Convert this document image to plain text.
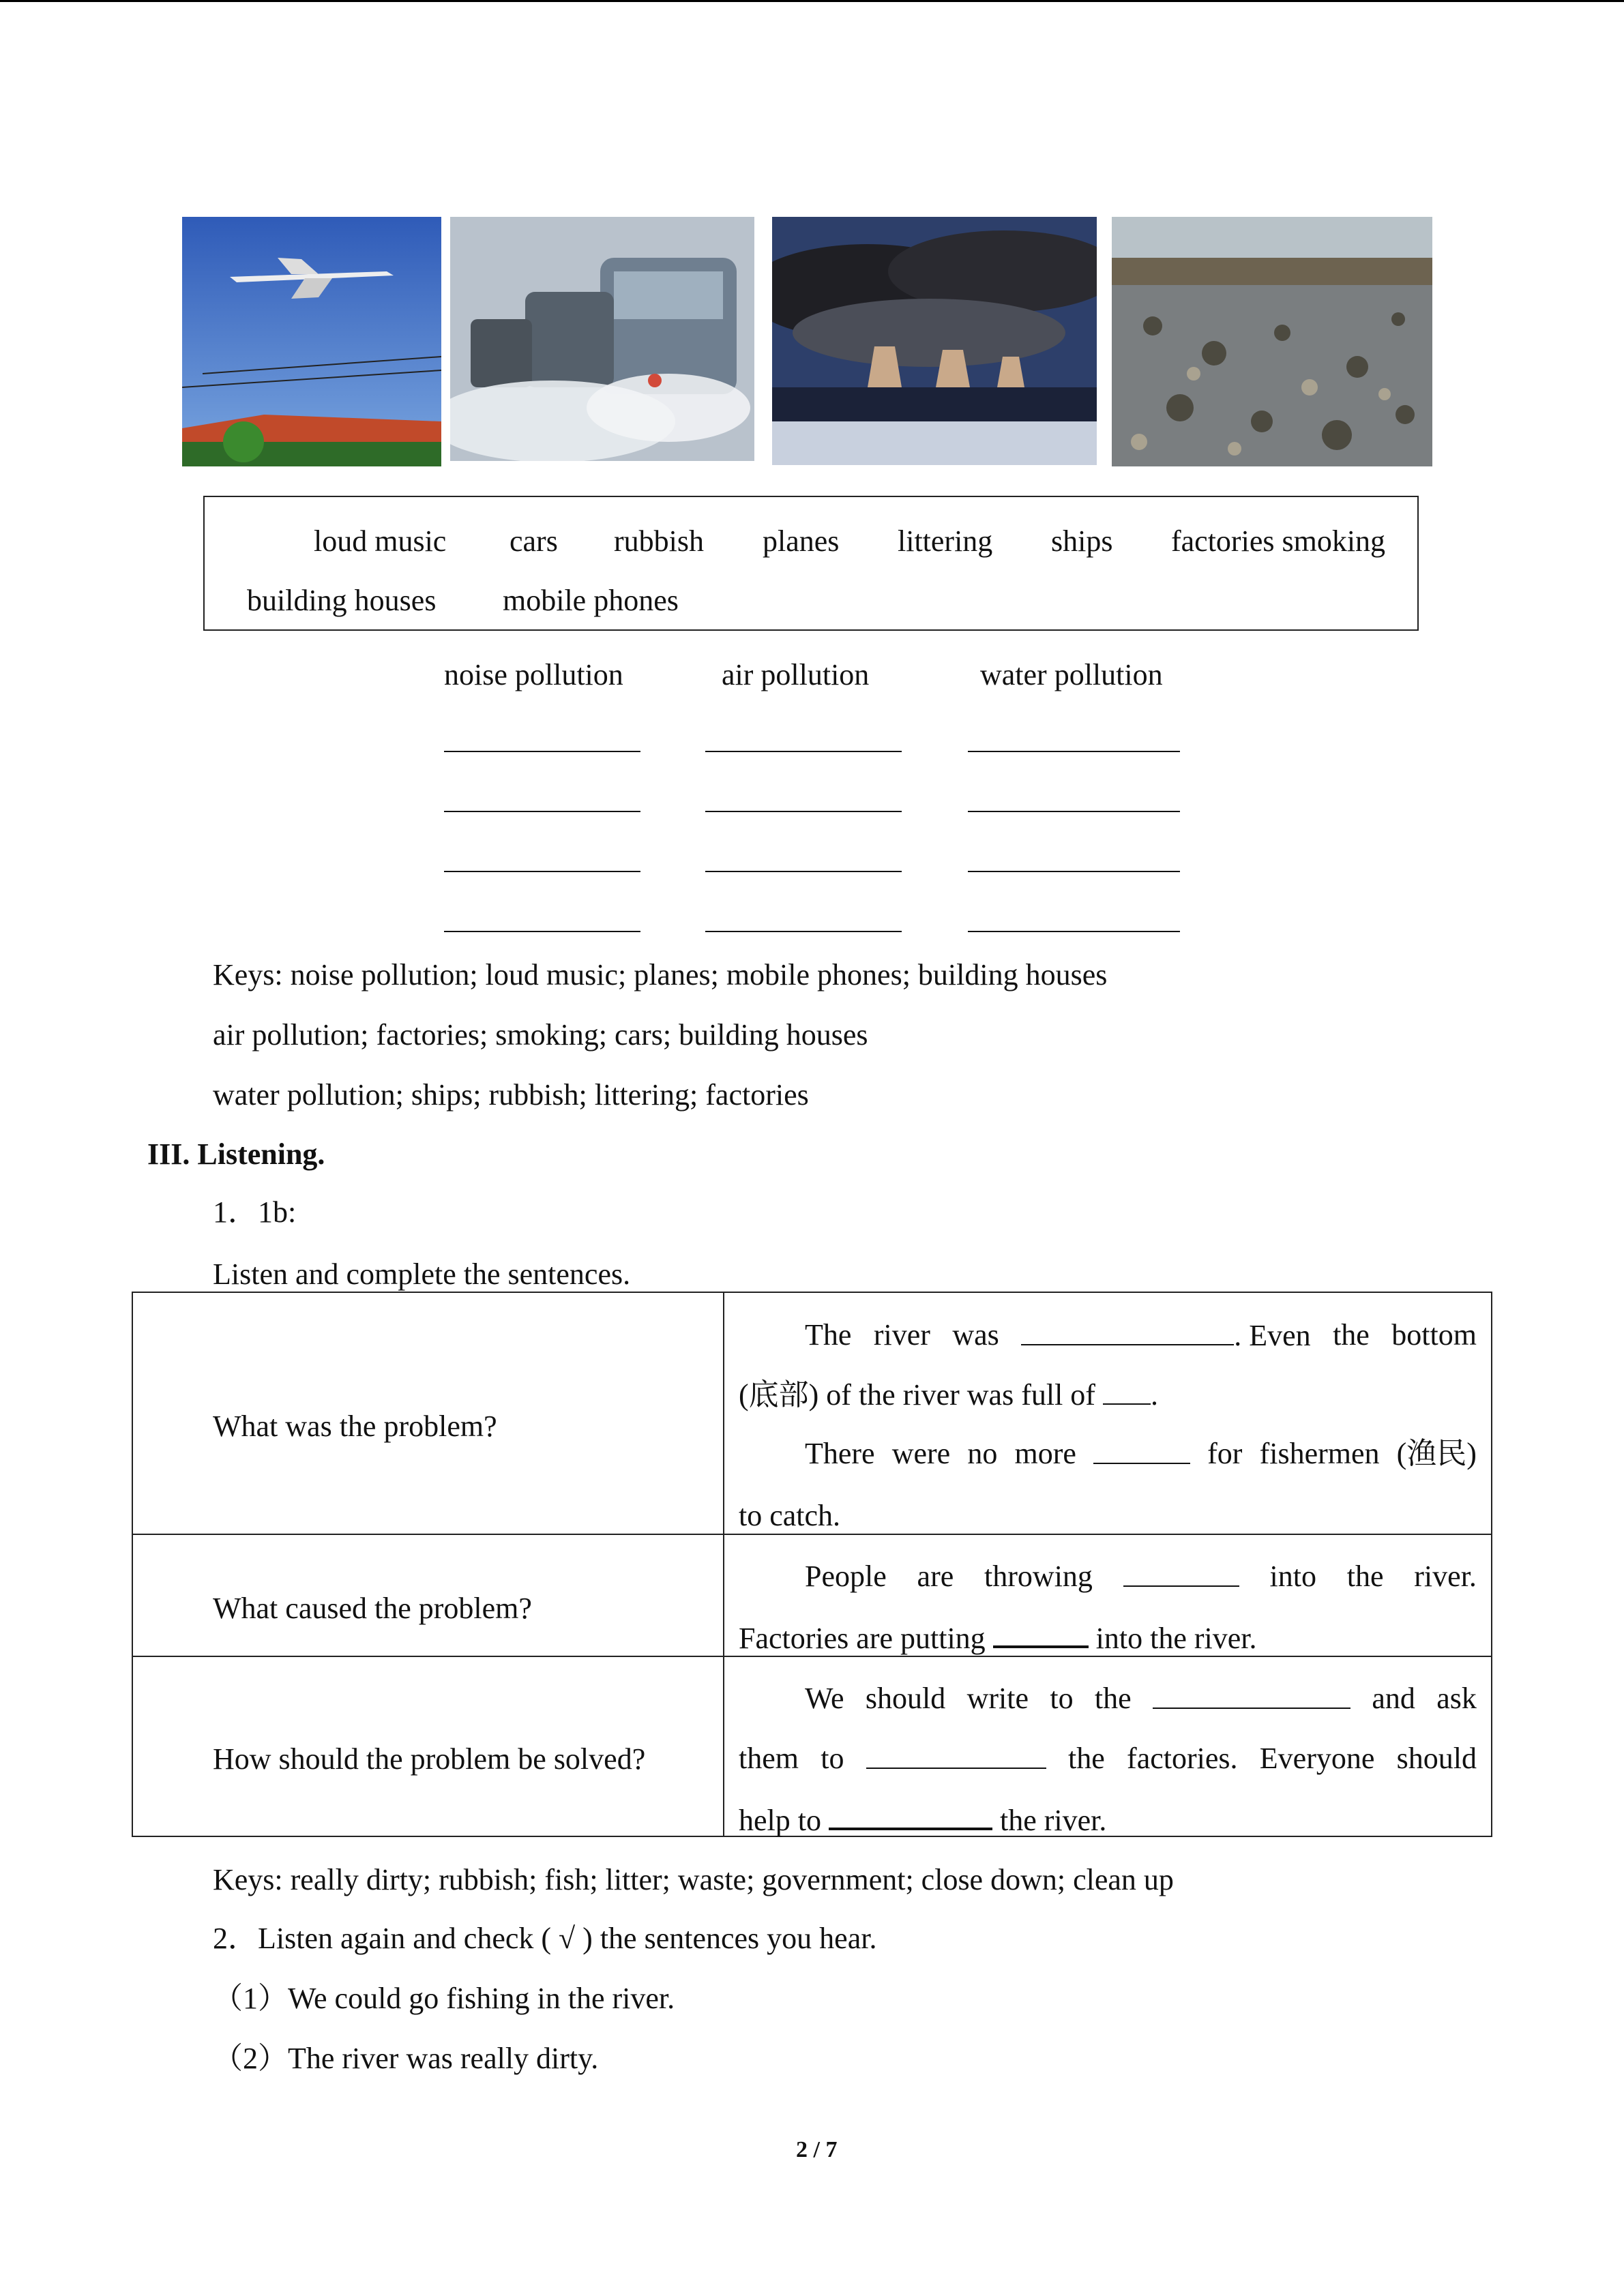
loud music cars rubbish planes littering ships factories smoking
building houses mobile phones
noise pollution	air pollution	water pollution
Keys: noise pollution; loud music; planes; mobile phones; building houses
air pollution; factories; smoking; cars; building houses
water pollution; ships; rubbish; littering; factories
III. Listening.
1．1b:
Listen and complete the sentences.
What was the problem?
The river was	. Even the bottom
(底部) of the river was full of .
There were no more	for fishermen (渔民)
to catch.
What caused the problem?
People are throwing	into the river.
Factories are putting	into the river.
How should the problem be solved?
We should write to the	and ask
them to	the factories. Everyone should
help to	the river.
Keys: really dirty; rubbish; fish; litter; waste; government; close down; clean up
2．Listen again and check ( √ ) the sentences you hear.
（1）We could go fishing in the river.
（2）The river was really dirty.
2 / 7
